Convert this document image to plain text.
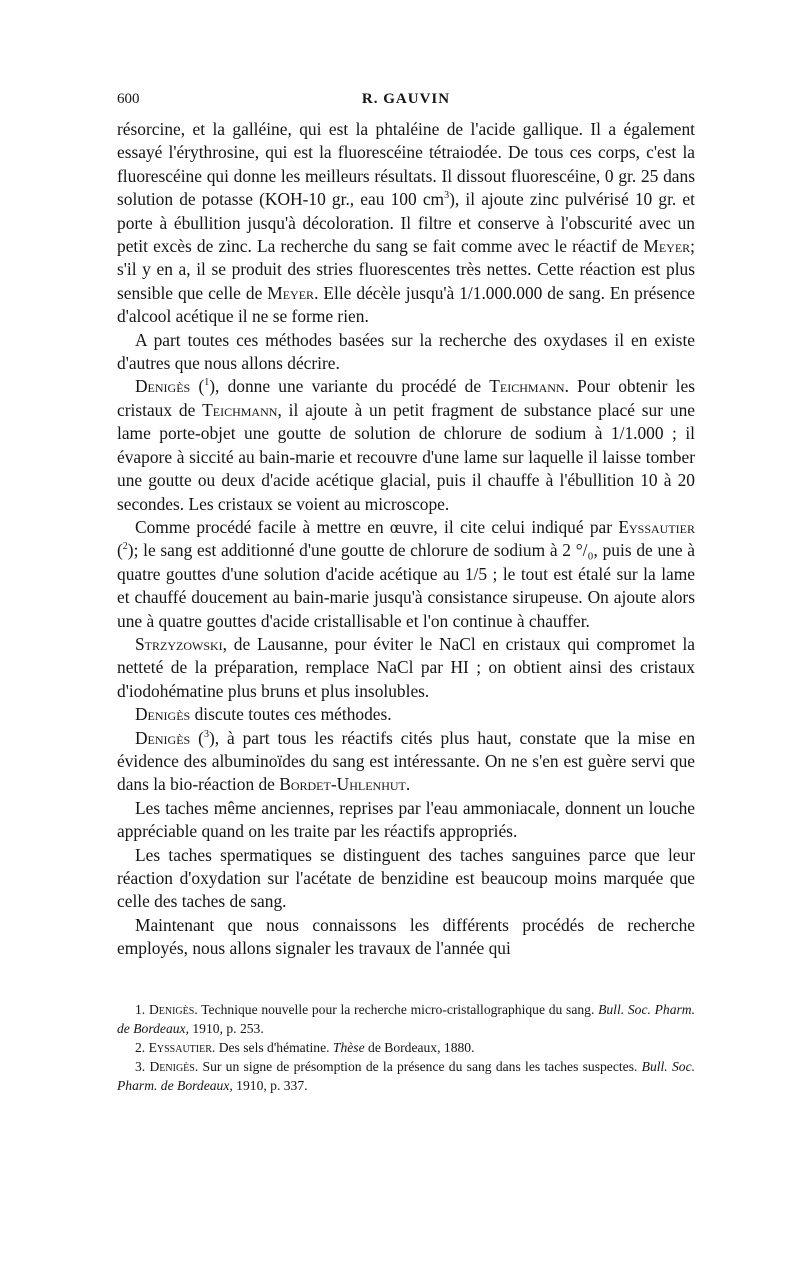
600	R. GAUVIN

résorcine, et la galléine, qui est la phtaléine de l'acide gallique. Il a également essayé l'érythrosine, qui est la fluorescéine tétraiodée. De tous ces corps, c'est la fluorescéine qui donne les meilleurs résultats. Il dissout fluorescéine, 0 gr. 25 dans solution de potasse (KOH-10 gr., eau 100 $cm^3$), il ajoute zinc pulvérisé 10 gr. et porte à ébullition jusqu'à décoloration. Il filtre et conserve à l'obscurité avec un petit excès de zinc. La recherche du sang se fait comme avec le réactif de Meyer; s'il y en a, il se produit des stries fluorescentes très nettes. Cette réaction est plus sensible que celle de Meyer. Elle décèle jusqu'à 1/1.000.000 de sang. En présence d'alcool acétique il ne se forme rien.

A part toutes ces méthodes basées sur la recherche des oxydases il en existe d'autres que nous allons décrire.

Denigès ($^1$), donne une variante du procédé de Teichmann. Pour obtenir les cristaux de Teichmann, il ajoute à un petit fragment de substance placé sur une lame porte-objet une goutte de solution de chlorure de sodium à 1/1.000 ; il évapore à siccité au bain-marie et recouvre d'une lame sur laquelle il laisse tomber une goutte ou deux d'acide acétique glacial, puis il chauffe à l'ébullition 10 à 20 secondes. Les cristaux se voient au microscope.

Comme procédé facile à mettre en œuvre, il cite celui indiqué par Eyssautier ($^2$); le sang est additionné d'une goutte de chlorure de sodium à 2 °/₀, puis de une à quatre gouttes d'une solution d'acide acétique au 1/5 ; le tout est étalé sur la lame et chauffé doucement au bain-marie jusqu'à consistance sirupeuse. On ajoute alors une à quatre gouttes d'acide cristallisable et l'on continue à chauffer.

Strzyzowski, de Lausanne, pour éviter le NaCl en cristaux qui compromet la netteté de la préparation, remplace NaCl par HI ; on obtient ainsi des cristaux d'iodohématine plus bruns et plus insolubles.

Denigès discute toutes ces méthodes.

Denigès ($^3$), à part tous les réactifs cités plus haut, constate que la mise en évidence des albuminoïdes du sang est intéressante. On ne s'en est guère servi que dans la bio-réaction de Bordet-Uhlenhut.

Les taches même anciennes, reprises par l'eau ammoniacale, donnent un louche appréciable quand on les traite par les réactifs appropriés.

Les taches spermatiques se distinguent des taches sanguines parce que leur réaction d'oxydation sur l'acétate de benzidine est beaucoup moins marquée que celle des taches de sang.

Maintenant que nous connaissons les différents procédés de recherche employés, nous allons signaler les travaux de l'année qui

1. Denigès. Technique nouvelle pour la recherche micro-cristallographique du sang. Bull. Soc. Pharm. de Bordeaux, 1910, p. 253.

2. Eyssautier. Des sels d'hématine. Thèse de Bordeaux, 1880.

3. Denigès. Sur un signe de présomption de la présence du sang dans les taches suspectes. Bull. Soc. Pharm. de Bordeaux, 1910, p. 337.
